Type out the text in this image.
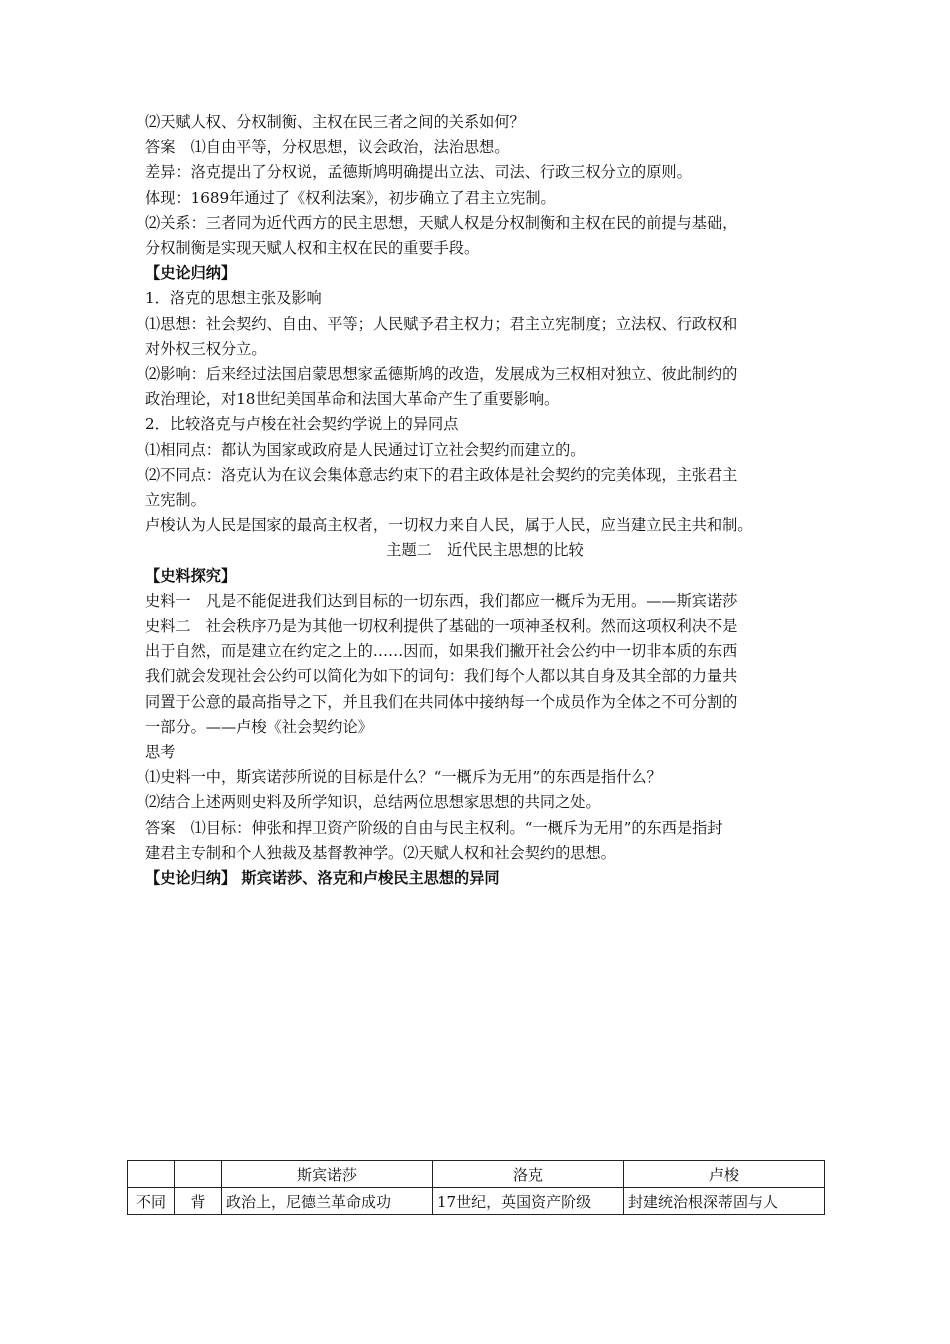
⑵天赋人权、分权制衡、主权在民三者之间的关系如何？
答案　⑴自由平等，分权思想，议会政治，法治思想。
差异：洛克提出了分权说，孟德斯鸠明确提出立法、司法、行政三权分立的原则。
体现：1689年通过了《权利法案》，初步确立了君主立宪制。
⑵关系：三者同为近代西方的民主思想，天赋人权是分权制衡和主权在民的前提与基础，
分权制衡是实现天赋人权和主权在民的重要手段。
【史论归纳】
1．洛克的思想主张及影响
⑴思想：社会契约、自由、平等；人民赋予君主权力；君主立宪制度；立法权、行政权和
对外权三权分立。
⑵影响：后来经过法国启蒙思想家孟德斯鸠的改造，发展成为三权相对独立、彼此制约的
政治理论，对18世纪美国革命和法国大革命产生了重要影响。
2．比较洛克与卢梭在社会契约学说上的异同点
⑴相同点：都认为国家或政府是人民通过订立社会契约而建立的。
⑵不同点：洛克认为在议会集体意志约束下的君主政体是社会契约的完美体现，主张君主
立宪制。
卢梭认为人民是国家的最高主权者，一切权力来自人民，属于人民，应当建立民主共和制。
主题二　近代民主思想的比较
【史料探究】
史料一　凡是不能促进我们达到目标的一切东西，我们都应一概斥为无用。——斯宾诺莎
史料二　社会秩序乃是为其他一切权利提供了基础的一项神圣权利。然而这项权利决不是
出于自然，而是建立在约定之上的……因而，如果我们撇开社会公约中一切非本质的东西
我们就会发现社会公约可以简化为如下的词句：我们每个人都以其自身及其全部的力量共
同置于公意的最高指导之下，并且我们在共同体中接纳每一个成员作为全体之不可分割的
一部分。——卢梭《社会契约论》
思考
⑴史料一中，斯宾诺莎所说的目标是什么？“一概斥为无用”的东西是指什么？
⑵结合上述两则史料及所学知识，总结两位思想家思想的共同之处。
答案　⑴目标：伸张和捍卫资产阶级的自由与民主权利。“一概斥为无用”的东西是指封
建君主专制和个人独裁及基督教神学。⑵天赋人权和社会契约的思想。
【史论归纳】 斯宾诺莎、洛克和卢梭民主思想的异同
		斯宾诺莎	洛克	卢梭
不同	背	政治上，尼德兰革命成功	17世纪，英国资产阶级	封建统治根深蒂固与人
